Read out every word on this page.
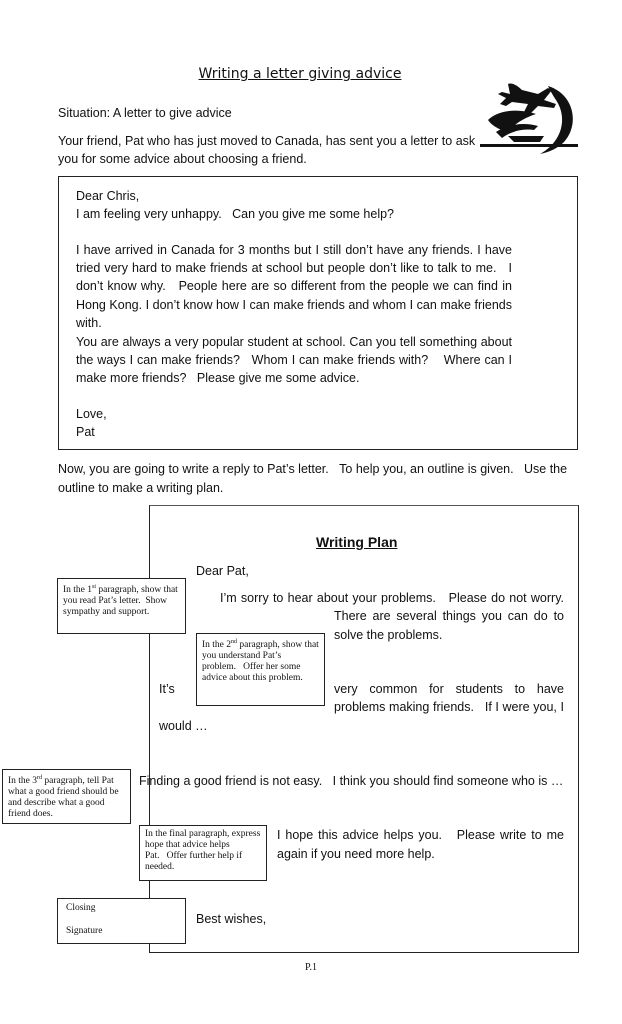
Writing a letter giving advice
Situation: A letter to give advice
Your friend, Pat who has just moved to Canada, has sent you a letter to ask
you for some advice about choosing a friend.

Dear Chris,

I am feeling very unhappy.   Can you give me some help?

I have arrived in Canada for 3 months but I still don’t have any friends. I have tried very hard to make friends at school but people don’t like to talk to me.   I don’t know why.   People here are so different from the people we can find in Hong Kong. I don’t know how I can make friends and whom I can make friends with.

You are always a very popular student at school. Can you tell something about the ways I can make friends?   Whom I can make friends with?    Where can I make more friends?   Please give me some advice.

Love,

Pat

Now, you are going to write a reply to Pat’s letter.   To help you, an outline is given.   Use the
outline to make a writing plan.
Writing Plan
Dear Pat,
I’m sorry to hear about your problems.   Please do not worry.
There are several things you can do to
solve the problems.
It’s	very common for students to have
problems making friends.   If I were you, I
would …
Finding a good friend is not easy.   I think you should find someone who is …
I hope this advice helps you.   Please write to me
again if you need more help.
Best wishes,
In the 1st paragraph, show that you read Pat’s letter.  Show sympathy and support.
In the 2nd paragraph, show that you understand Pat’s problem.   Offer her some advice about this problem.
In the 3rd paragraph, tell Pat what a good friend should be and describe what a good friend does.
In the final paragraph, express hope that advice helps Pat.   Offer further help if needed.
Closing
Signature
P.1
